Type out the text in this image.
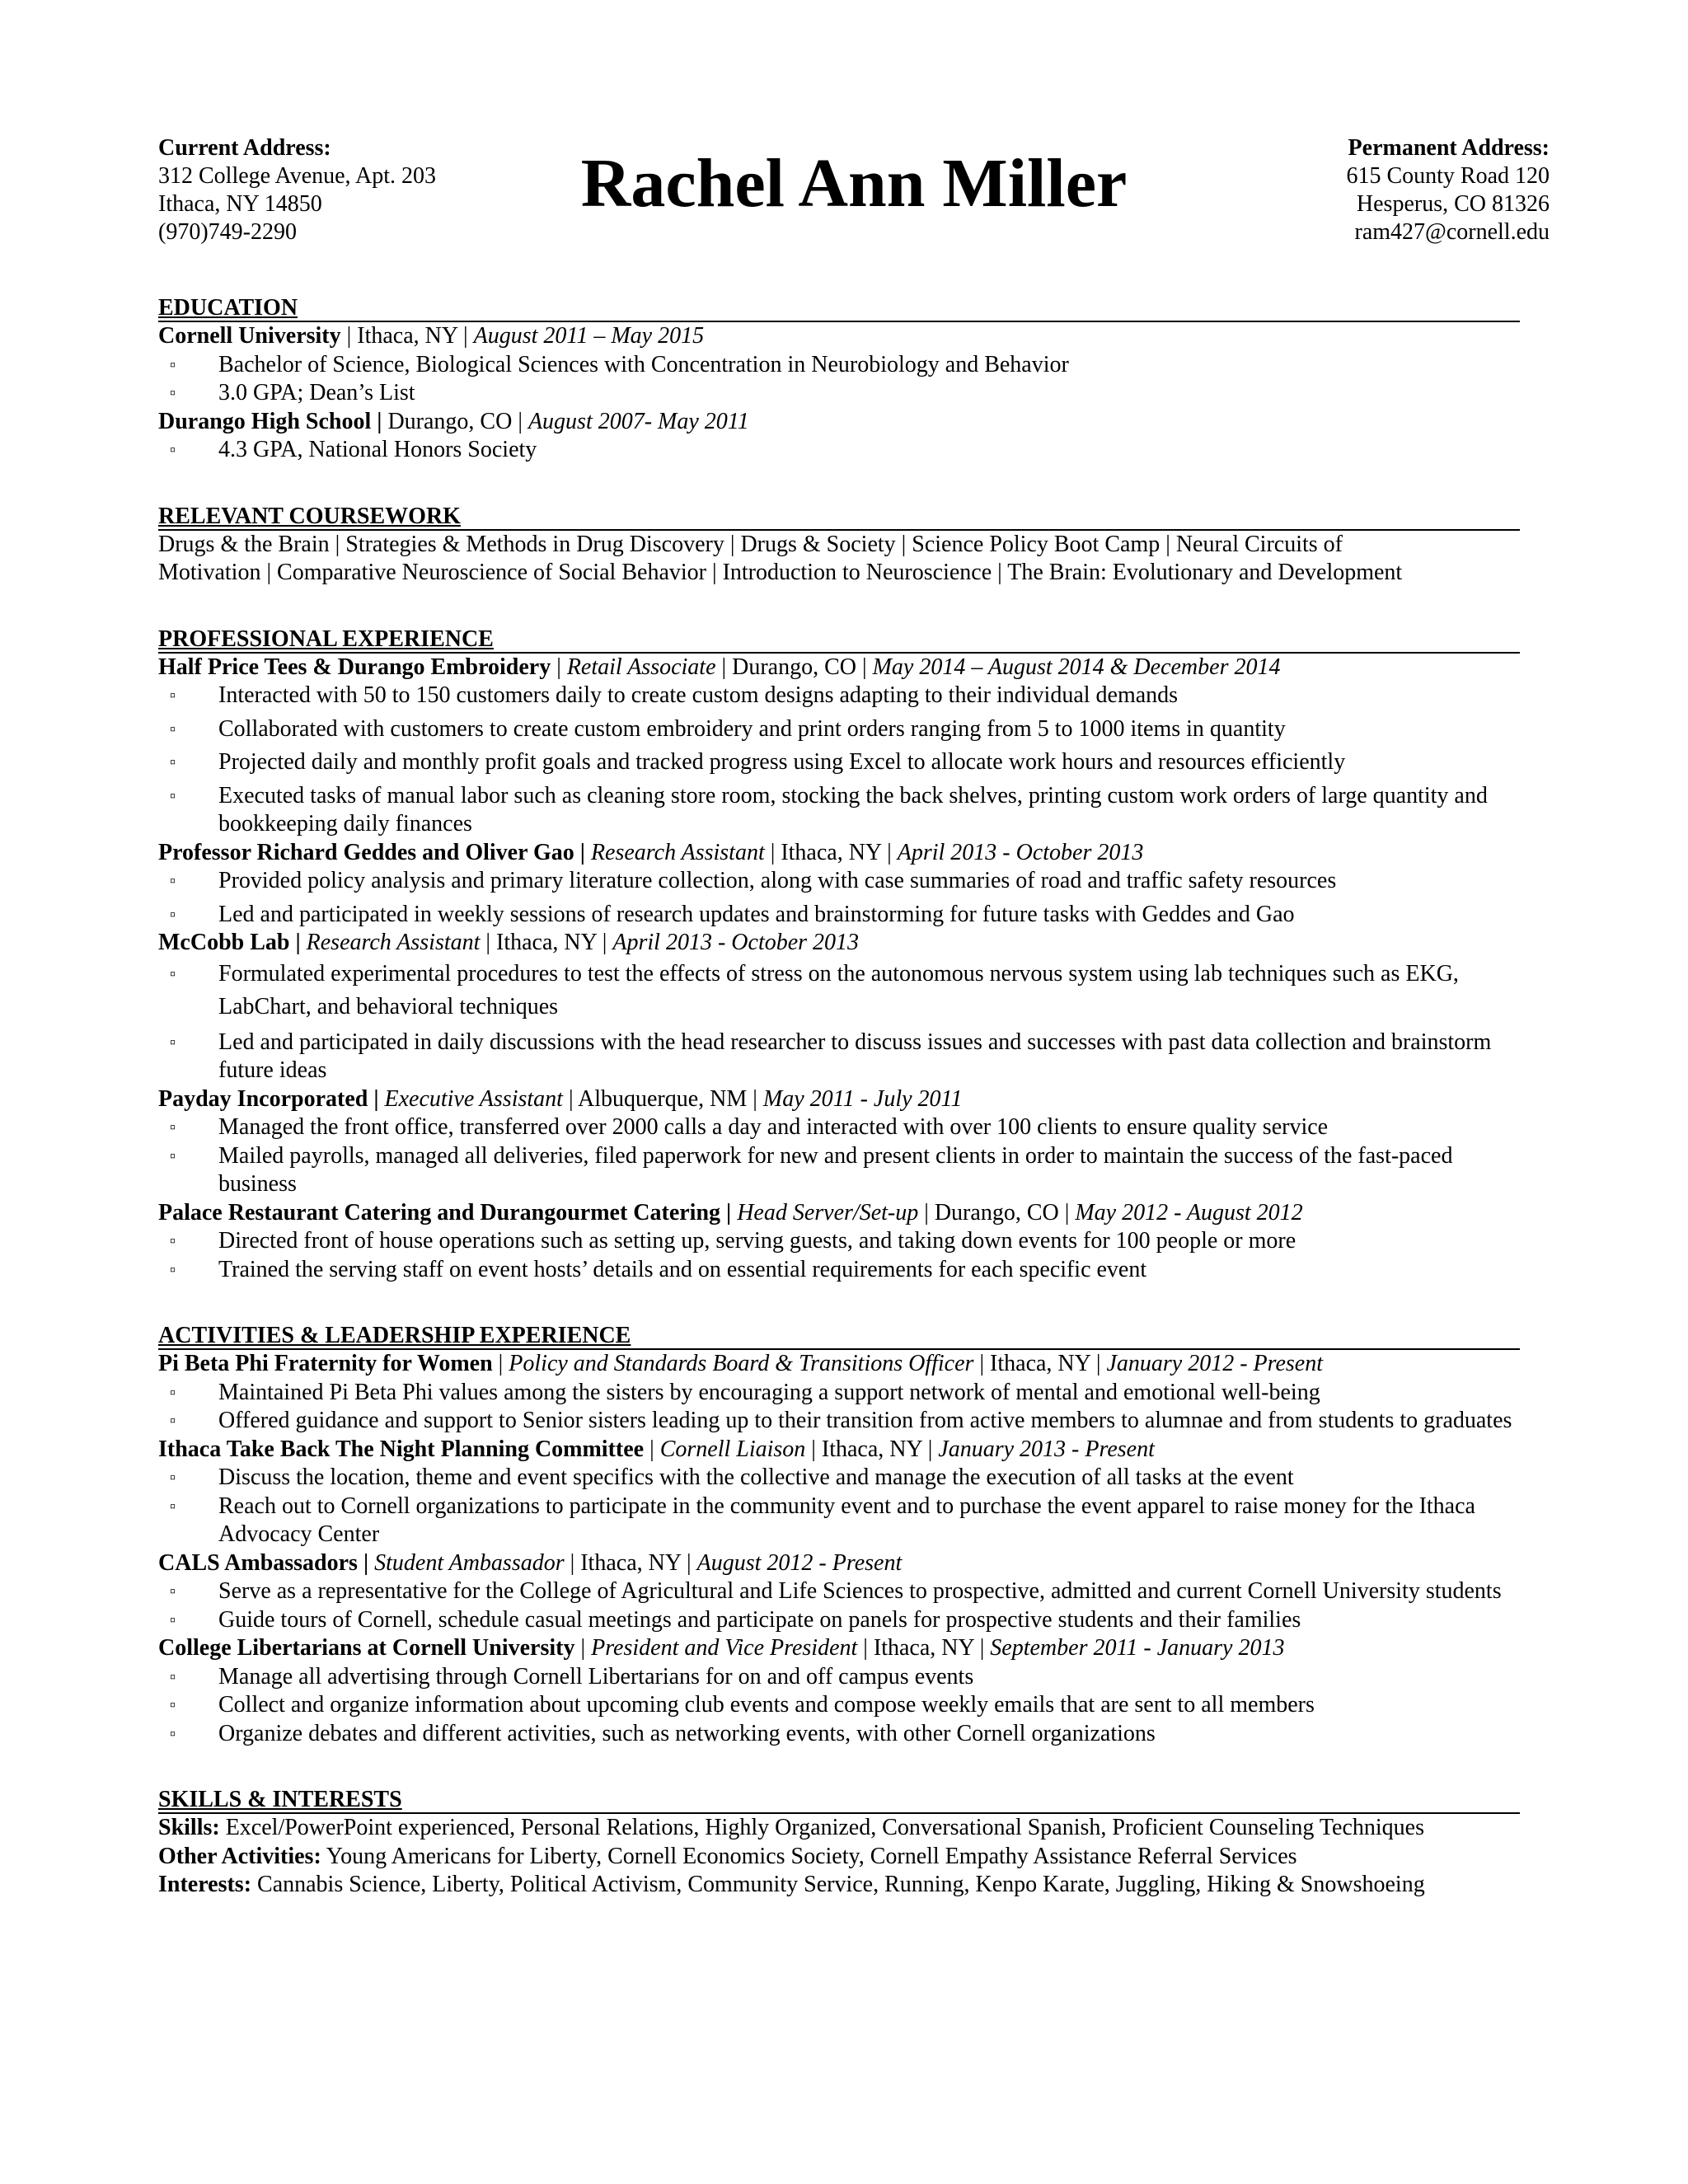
Current Address:
312 College Avenue, Apt. 203
Ithaca, NY 14850
(970)749-2290
Rachel Ann Miller	Permanent Address:
615 County Road 120
Hesperus, CO 81326
ram427@cornell.edu
EDUCATION
Cornell University | Ithaca, NY | August 2011 – May 2015
▫ Bachelor of Science, Biological Sciences with Concentration in Neurobiology and Behavior
▫ 3.0 GPA; Dean’s List
Durango High School | Durango, CO | August 2007- May 2011
▫ 4.3 GPA, National Honors Society
RELEVANT COURSEWORK
Drugs & the Brain | Strategies & Methods in Drug Discovery | Drugs & Society | Science Policy Boot Camp | Neural Circuits of
Motivation | Comparative Neuroscience of Social Behavior | Introduction to Neuroscience | The Brain: Evolutionary and Development
PROFESSIONAL EXPERIENCE
Half Price Tees & Durango Embroidery | Retail Associate | Durango, CO | May 2014 – August 2014 & December 2014
▫ Interacted with 50 to 150 customers daily to create custom designs adapting to their individual demands
▫ Collaborated with customers to create custom embroidery and print orders ranging from 5 to 1000 items in quantity
▫ Projected daily and monthly profit goals and tracked progress using Excel to allocate work hours and resources efficiently
▫ Executed tasks of manual labor such as cleaning store room, stocking the back shelves, printing custom work orders of large quantity and bookkeeping daily finances
Professor Richard Geddes and Oliver Gao | Research Assistant | Ithaca, NY | April 2013 - October 2013
▫ Provided policy analysis and primary literature collection, along with case summaries of road and traffic safety resources
▫ Led and participated in weekly sessions of research updates and brainstorming for future tasks with Geddes and Gao
McCobb Lab | Research Assistant | Ithaca, NY | April 2013 - October 2013
▫ Formulated experimental procedures to test the effects of stress on the autonomous nervous system using lab techniques such as EKG, LabChart, and behavioral techniques
▫ Led and participated in daily discussions with the head researcher to discuss issues and successes with past data collection and brainstorm future ideas
Payday Incorporated | Executive Assistant | Albuquerque, NM | May 2011 - July 2011
▫ Managed the front office, transferred over 2000 calls a day and interacted with over 100 clients to ensure quality service
▫ Mailed payrolls, managed all deliveries, filed paperwork for new and present clients in order to maintain the success of the fast-paced business
Palace Restaurant Catering and Durangourmet Catering | Head Server/Set-up | Durango, CO | May 2012 - August 2012
▫ Directed front of house operations such as setting up, serving guests, and taking down events for 100 people or more
▫ Trained the serving staff on event hosts’ details and on essential requirements for each specific event
ACTIVITIES & LEADERSHIP EXPERIENCE
Pi Beta Phi Fraternity for Women | Policy and Standards Board & Transitions Officer | Ithaca, NY | January 2012 - Present
▫ Maintained Pi Beta Phi values among the sisters by encouraging a support network of mental and emotional well-being
▫ Offered guidance and support to Senior sisters leading up to their transition from active members to alumnae and from students to graduates
Ithaca Take Back The Night Planning Committee | Cornell Liaison | Ithaca, NY | January 2013 - Present
▫ Discuss the location, theme and event specifics with the collective and manage the execution of all tasks at the event
▫ Reach out to Cornell organizations to participate in the community event and to purchase the event apparel to raise money for the Ithaca Advocacy Center
CALS Ambassadors | Student Ambassador | Ithaca, NY | August 2012 - Present
▫ Serve as a representative for the College of Agricultural and Life Sciences to prospective, admitted and current Cornell University students
▫ Guide tours of Cornell, schedule casual meetings and participate on panels for prospective students and their families
College Libertarians at Cornell University | President and Vice President | Ithaca, NY | September 2011 - January 2013
▫ Manage all advertising through Cornell Libertarians for on and off campus events
▫ Collect and organize information about upcoming club events and compose weekly emails that are sent to all members
▫ Organize debates and different activities, such as networking events, with other Cornell organizations
SKILLS & INTERESTS
Skills: Excel/PowerPoint experienced, Personal Relations, Highly Organized, Conversational Spanish, Proficient Counseling Techniques
Other Activities: Young Americans for Liberty, Cornell Economics Society, Cornell Empathy Assistance Referral Services
Interests: Cannabis Science, Liberty, Political Activism, Community Service, Running, Kenpo Karate, Juggling, Hiking & Snowshoeing
